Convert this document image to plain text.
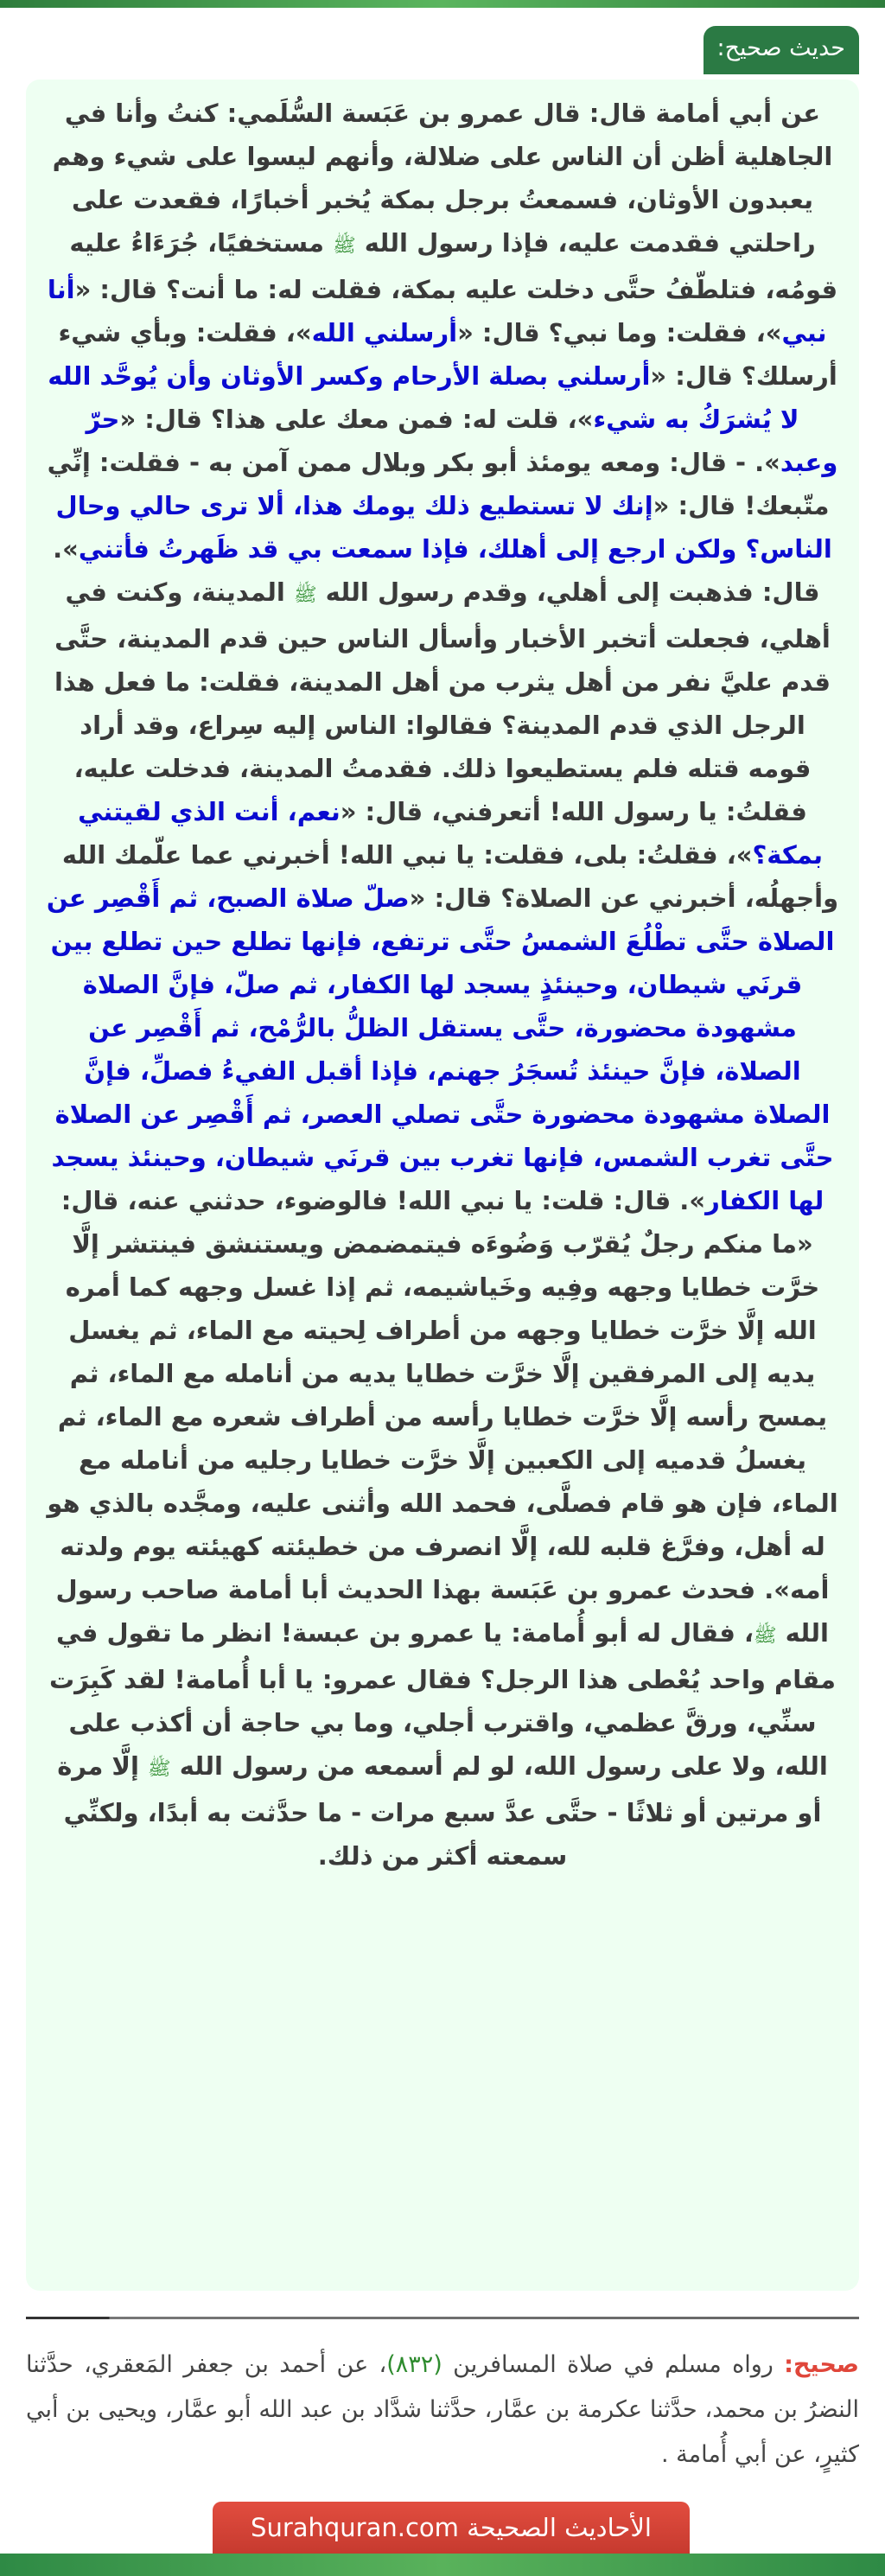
حديث صحيح:
عن أبي أمامة قال: قال عمرو بن عَبَسة السُّلَمي: كنتُ وأنا في الجاهلية أظن أن الناس على ضلالة، وأنهم ليسوا على شيء وهم يعبدون الأوثان، فسمعتُ برجل بمكة يُخبر أخبارًا، فقعدت على راحلتي فقدمت عليه، فإذا رسول الله ﷺ مستخفيًا، جُرَءَاءُ عليه قومُه، فتلطّفُ حتَّى دخلت عليه بمكة، فقلت له: ما أنت؟ قال: «أنا نبي»، فقلت: وما نبي؟ قال: «أرسلني الله»، فقلت: وبأي شيء أرسلك؟ قال: «أرسلني بصلة الأرحام وكسر الأوثان وأن يُوحَّد الله لا يُشرَكُ به شيء»، قلت له: فمن معك على هذا؟ قال: «حرّ وعبد». - قال: ومعه يومئذ أبو بكر وبلال ممن آمن به - فقلت: إنِّي متّبعك! قال: «إنك لا تستطيع ذلك يومك هذا، ألا ترى حالي وحال الناس؟ ولكن ارجع إلى أهلك، فإذا سمعت بي قد ظَهرتُ فأتني». قال: فذهبت إلى أهلي، وقدم رسول الله ﷺ المدينة، وكنت في أهلي، فجعلت أتخبر الأخبار وأسأل الناس حين قدم المدينة، حتَّى قدم عليَّ نفر من أهل يثرب من أهل المدينة، فقلت: ما فعل هذا الرجل الذي قدم المدينة؟ فقالوا: الناس إليه سِراع، وقد أراد قومه قتله فلم يستطيعوا ذلك. فقدمتُ المدينة، فدخلت عليه، فقلتُ: يا رسول الله! أتعرفني، قال: «نعم، أنت الذي لقيتني بمكة؟»، فقلتُ: بلى، فقلت: يا نبي الله! أخبرني عما علّمك الله وأجهلُه، أخبرني عن الصلاة؟ قال: «صلّ صلاة الصبح، ثم أَقْصِر عن الصلاة حتَّى تطْلُعَ الشمسُ حتَّى ترتفع، فإنها تطلع حين تطلع بين قرنَي شيطان، وحينئذٍ يسجد لها الكفار، ثم صلّ، فإنَّ الصلاة مشهودة محضورة، حتَّى يستقل الظلُّ بالرُّمْح، ثم أَقْصِر عن الصلاة، فإنَّ حينئذ تُسجَرُ جهنم، فإذا أقبل الفيءُ فصلِّ، فإنَّ الصلاة مشهودة محضورة حتَّى تصلي العصر، ثم أَقْصِر عن الصلاة حتَّى تغرب الشمس، فإنها تغرب بين قرنَي شيطان، وحينئذ يسجد لها الكفار». قال: قلت: يا نبي الله! فالوضوء، حدثني عنه، قال: «ما منكم رجلٌ يُقرّب وَضُوءَه فيتمضمض ويستنشق فينتشر إلَّا خرَّت خطايا وجهه وفِيه وخَياشيمه، ثم إذا غسل وجهه كما أمره الله إلَّا خرَّت خطايا وجهه من أطراف لِحيته مع الماء، ثم يغسل يديه إلى المرفقين إلَّا خرَّت خطايا يديه من أنامله مع الماء، ثم يمسح رأسه إلَّا خرَّت خطايا رأسه من أطراف شعره مع الماء، ثم يغسلُ قدميه إلى الكعبين إلَّا خرَّت خطايا رجليه من أنامله مع الماء، فإن هو قام فصلَّى، فحمد الله وأثنى عليه، ومجَّده بالذي هو له أهل، وفرَّغ قلبه لله، إلَّا انصرف من خطيئته كهيئته يوم ولدته أمه». فحدث عمرو بن عَبَسة بهذا الحديث أبا أمامة صاحب رسول الله ﷺ، فقال له أبو أُمامة: يا عمرو بن عبسة! انظر ما تقول في مقام واحد يُعْطى هذا الرجل؟ فقال عمرو: يا أبا أُمامة! لقد كَبِرَت سنِّي، ورقَّ عظمي، واقترب أجلي، وما بي حاجة أن أكذب على الله، ولا على رسول الله، لو لم أسمعه من رسول الله ﷺ إلَّا مرة أو مرتين أو ثلاثًا - حتَّى عدَّ سبع مرات - ما حدَّثت به أبدًا، ولكنِّي سمعته أكثر من ذلك.
صحيح: رواه مسلم في صلاة المسافرين (٨٣٢)، عن أحمد بن جعفر المَعقري، حدَّثنا النضرُ بن محمد، حدَّثنا عكرمة بن عمَّار، حدَّثنا شدَّاد بن عبد الله أبو عمَّار، ويحيى بن أبي كثيرٍ، عن أبي أُمامة .
الأحاديث الصحيحة Surahquran.com
